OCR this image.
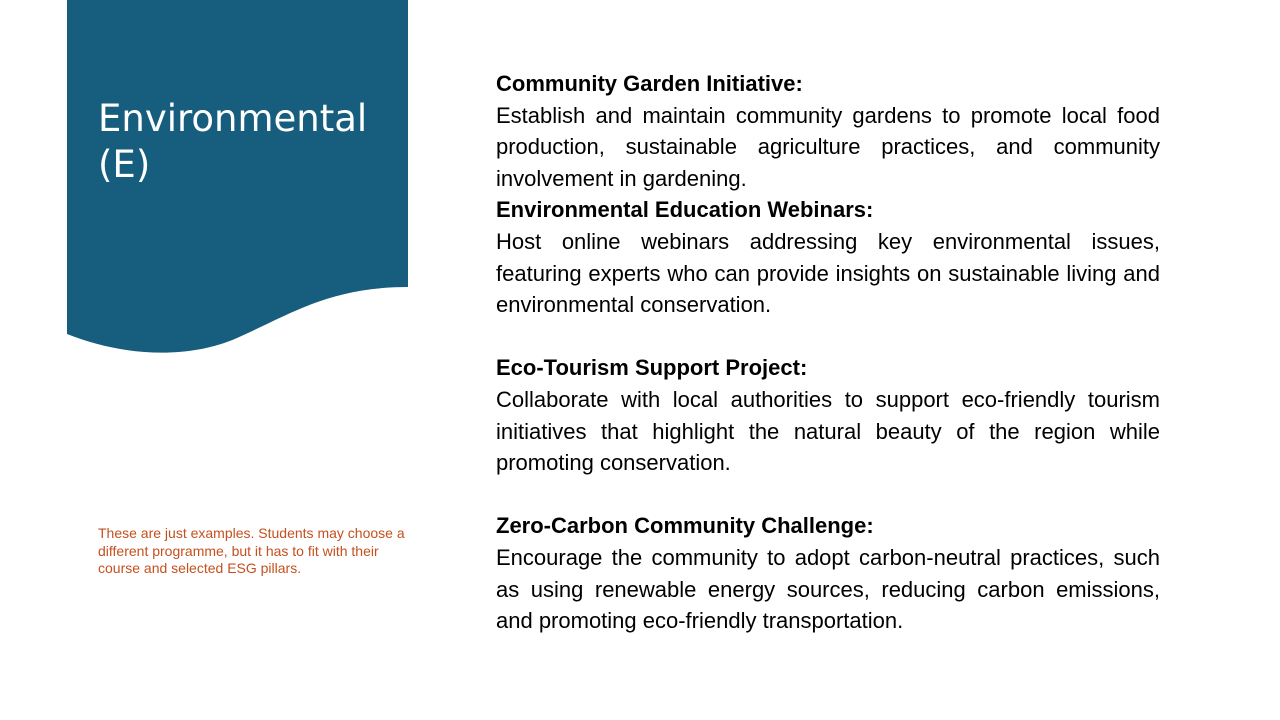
Environmental
(E)

These are just examples. Students may choose a different programme, but it has to fit with their course and selected ESG pillars.

Community Garden Initiative:
Establish and maintain community gardens to promote local food production, sustainable agriculture practices, and community involvement in gardening.
Environmental Education Webinars:
Host online webinars addressing key environmental issues, featuring experts who can provide insights on sustainable living and environmental conservation.
Eco-Tourism Support Project:
Collaborate with local authorities to support eco-friendly tourism initiatives that highlight the natural beauty of the region while promoting conservation.
Zero-Carbon Community Challenge:
Encourage the community to adopt carbon-neutral practices, such as using renewable energy sources, reducing carbon emissions, and promoting eco-friendly transportation.
